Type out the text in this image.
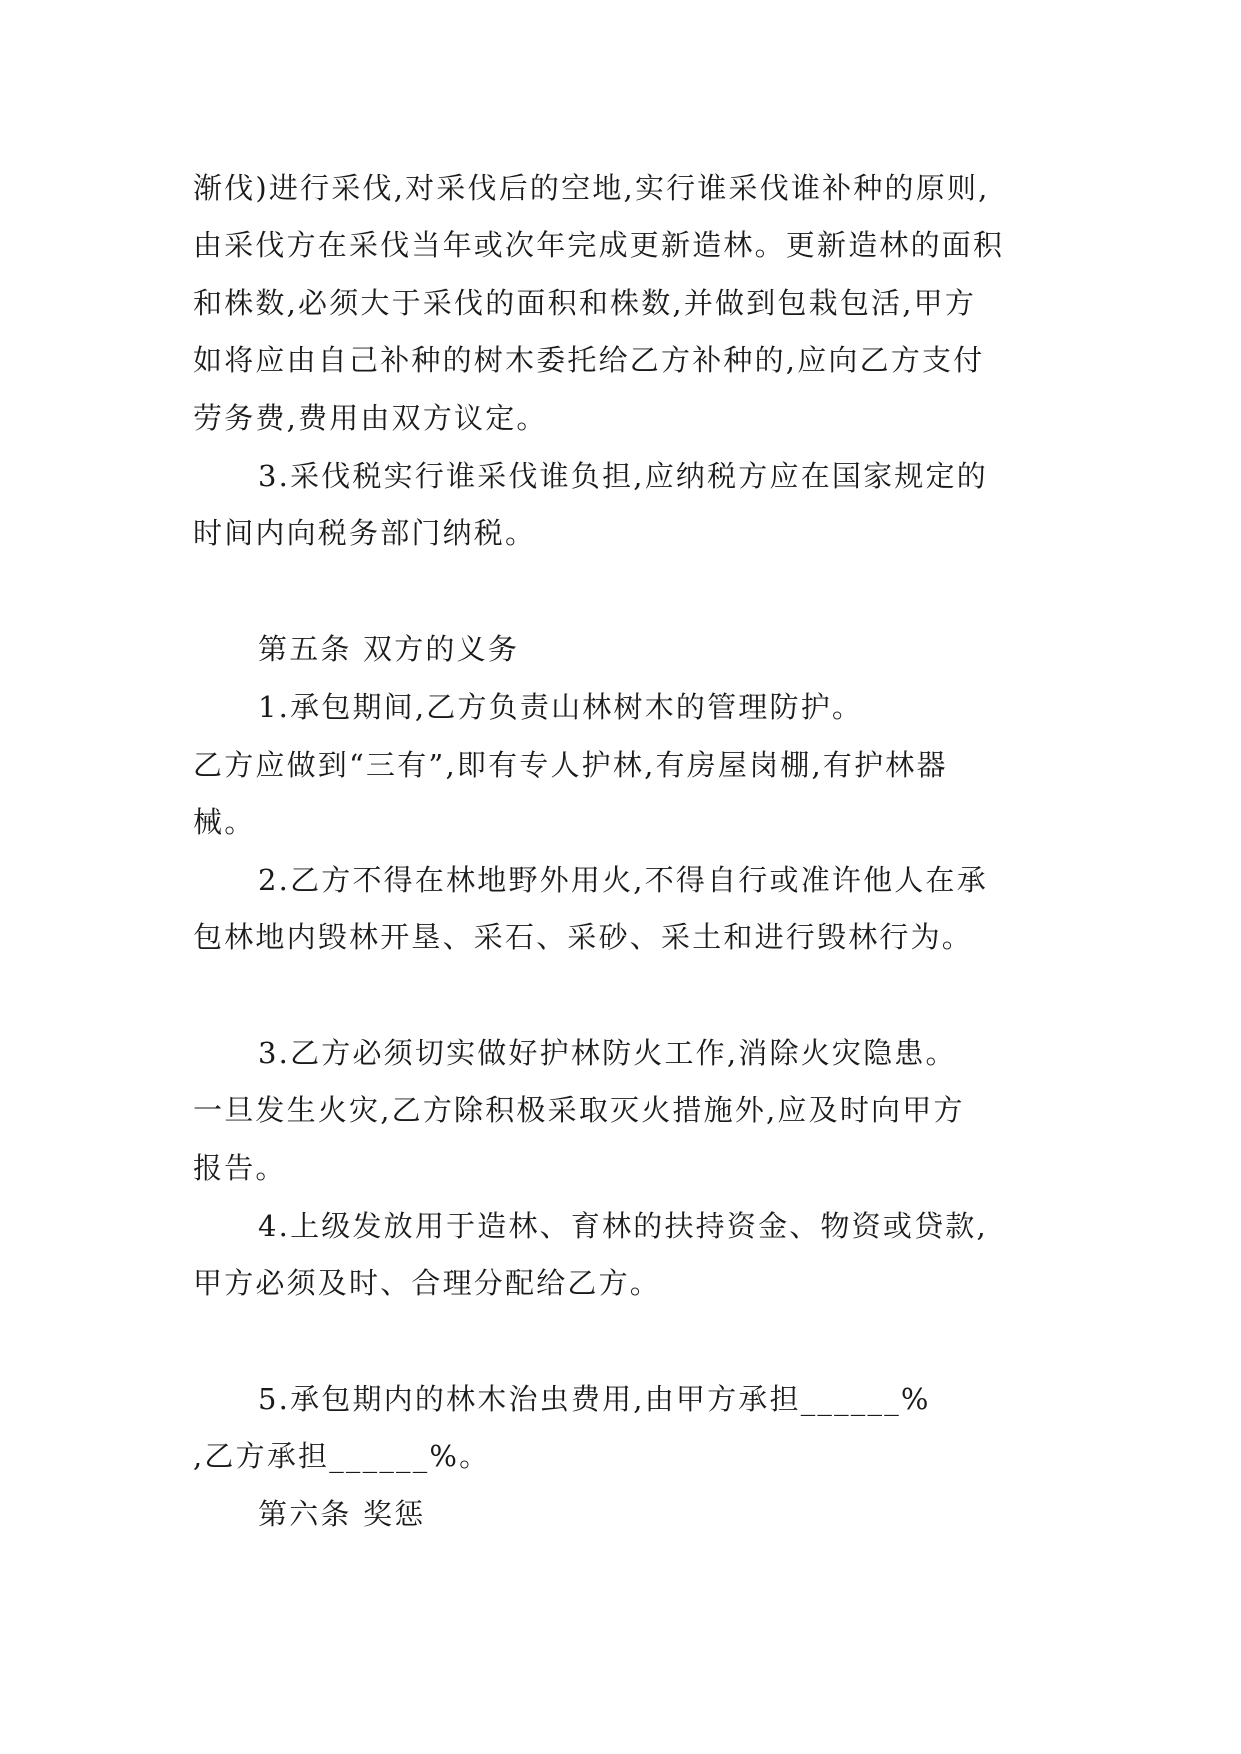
渐伐)进行采伐,对采伐后的空地,实行谁采伐谁补种的原则,
由采伐方在采伐当年或次年完成更新造林。更新造林的面积
和株数,必须大于采伐的面积和株数,并做到包栽包活,甲方
如将应由自己补种的树木委托给乙方补种的,应向乙方支付
劳务费,费用由双方议定。
3.采伐税实行谁采伐谁负担,应纳税方应在国家规定的
时间内向税务部门纳税。
第五条 双方的义务
1.承包期间,乙方负责山林树木的管理防护。
乙方应做到“三有”,即有专人护林,有房屋岗棚,有护林器
械。
2.乙方不得在林地野外用火,不得自行或准许他人在承
包林地内毁林开垦、采石、采砂、采土和进行毁林行为。
3.乙方必须切实做好护林防火工作,消除火灾隐患。
一旦发生火灾,乙方除积极采取灭火措施外,应及时向甲方
报告。
4.上级发放用于造林、育林的扶持资金、物资或贷款,
甲方必须及时、合理分配给乙方。
5.承包期内的林木治虫费用,由甲方承担______%
,乙方承担______%。
第六条 奖惩
